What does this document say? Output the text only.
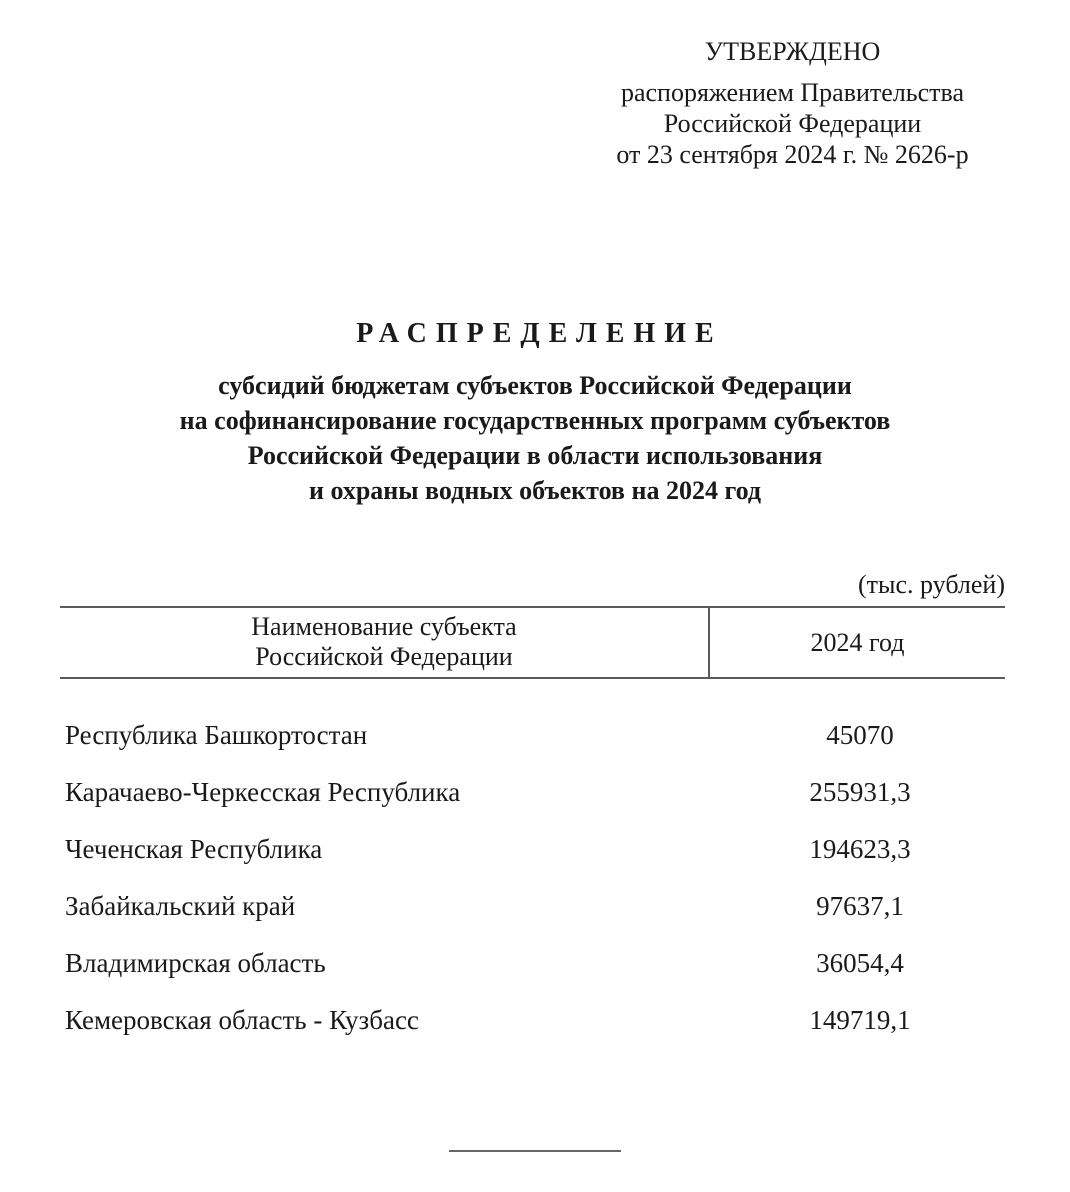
УТВЕРЖДЕНО
распоряжением Правительства
Российской Федерации
от 23 сентября 2024 г. № 2626-р
РАСПРЕДЕЛЕНИЕ
субсидий бюджетам субъектов Российской Федерации
на софинансирование государственных программ субъектов
Российской Федерации в области использования
и охраны водных объектов на 2024 год
(тыс. рублей)
Наименование субъекта
Российской Федерации	2024 год
Республика Башкортостан	45070
Карачаево-Черкесская Республика	255931,3
Чеченская Республика	194623,3
Забайкальский край	97637,1
Владимирская область	36054,4
Кемеровская область - Кузбасс	149719,1
